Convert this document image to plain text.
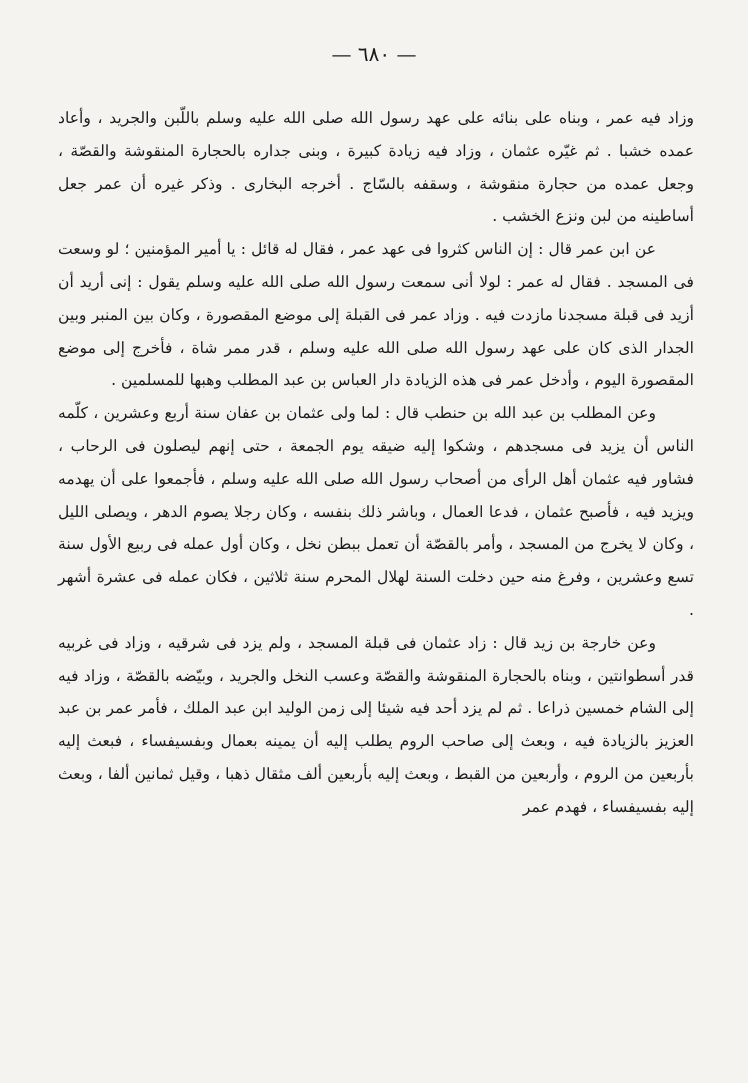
— ٦٨٠ —

وزاد فيه عمر ، وبناه على بنائه على عهد رسول الله صلى الله عليه وسلم باللّبن والجريد ، وأعاد عمده خشبا . ثم غيّره عثمان ، وزاد فيه زيادة كبيرة ، وبنى جداره بالحجارة المنقوشة والقصّة ، وجعل عمده من حجارة منقوشة ، وسقفه بالسّاج . أخرجه البخارى . وذكر غيره أن عمر جعل أساطينه من لبن ونزع الخشب .

عن ابن عمر قال : إن الناس كثروا فى عهد عمر ، فقال له قائل : يا أمير المؤمنين ؛ لو وسعت فى المسجد . فقال له عمر : لولا أنى سمعت رسول الله صلى الله عليه وسلم يقول : إنى أريد أن أزيد فى قبلة مسجدنا مازدت فيه . وزاد عمر فى القبلة إلى موضع المقصورة ، وكان بين المنبر وبين الجدار الذى كان على عهد رسول الله صلى الله عليه وسلم ، قدر ممر شاة ، فأخرج إلى موضع المقصورة اليوم ، وأدخل عمر فى هذه الزيادة دار العباس بن عبد المطلب وهبها للمسلمين .

وعن المطلب بن عبد الله بن حنطب قال : لما ولى عثمان بن عفان سنة أربع وعشرين ، كلّمه الناس أن يزيد فى مسجدهم ، وشكوا إليه ضيقه يوم الجمعة ، حتى إنهم ليصلون فى الرحاب ، فشاور فيه عثمان أهل الرأى من أصحاب رسول الله صلى الله عليه وسلم ، فأجمعوا على أن يهدمه ويزيد فيه ، فأصبح عثمان ، فدعا العمال ، وباشر ذلك بنفسه ، وكان رجلا يصوم الدهر ، ويصلى الليل ، وكان لا يخرج من المسجد ، وأمر بالقصّة أن تعمل ببطن نخل ، وكان أول عمله فى ربيع الأول سنة تسع وعشرين ، وفرغ منه حين دخلت السنة لهلال المحرم سنة ثلاثين ، فكان عمله فى عشرة أشهر .

وعن خارجة بن زيد قال : زاد عثمان فى قبلة المسجد ، ولم يزد فى شرقيه ، وزاد فى غربيه قدر أسطوانتين ، وبناه بالحجارة المنقوشة والقصّة وعسب النخل والجريد ، وبيّضه بالقصّة ، وزاد فيه إلى الشام خمسين ذراعا . ثم لم يزد أحد فيه شيئا إلى زمن الوليد ابن عبد الملك ، فأمر عمر بن عبد العزيز بالزيادة فيه ، وبعث إلى صاحب الروم يطلب إليه أن يمينه بعمال وبفسيفساء ، فبعث إليه بأربعين من الروم ، وأربعين من القبط ، وبعث إليه بأربعين ألف مثقال ذهبا ، وقيل ثمانين ألفا ، وبعث إليه بفسيفساء ، فهدم عمر
